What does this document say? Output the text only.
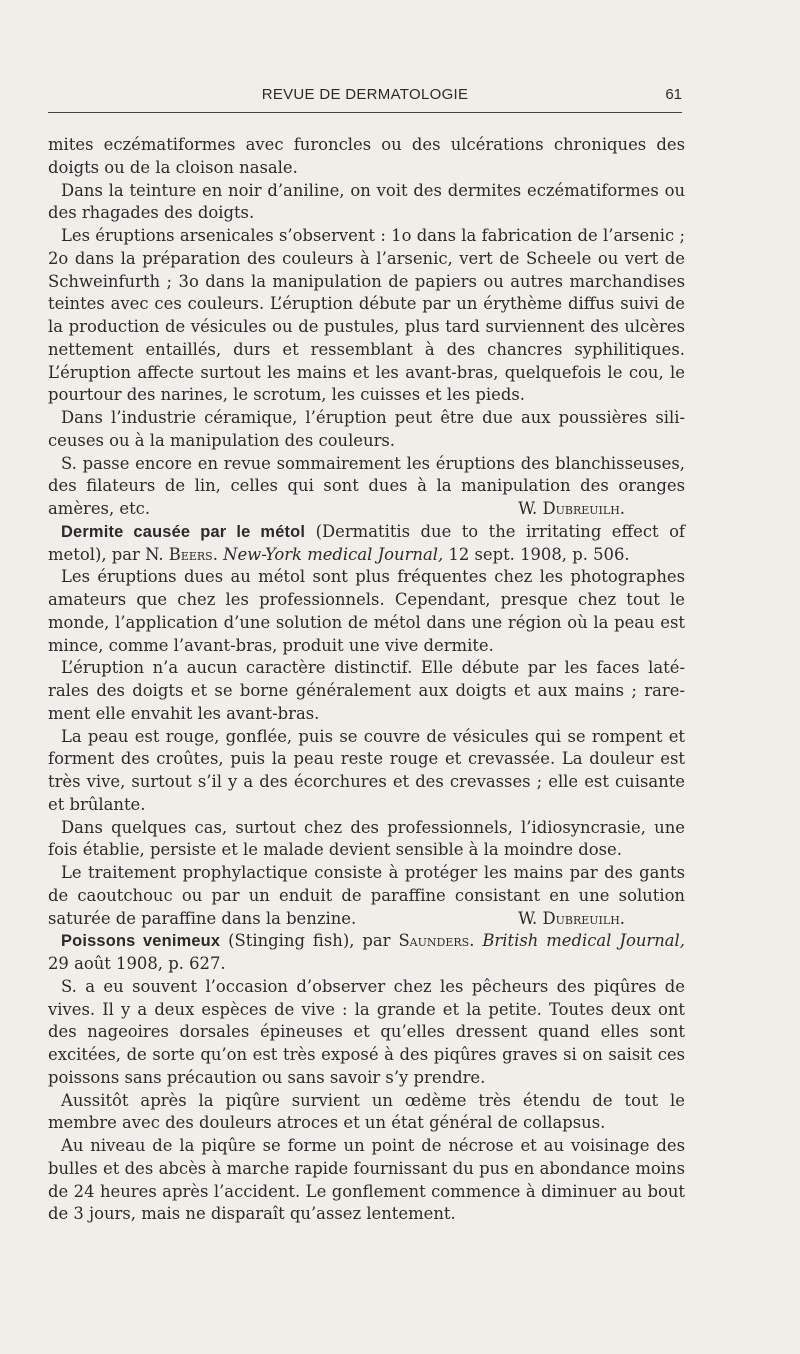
REVUE DE DERMATOLOGIE	61

mites eczématiformes avec furoncles ou des ulcérations chroniques des doigts ou de la cloison nasale.

Dans la teinture en noir d’aniline, on voit des dermites eczématiformes ou des rhagades des doigts.

Les éruptions arsenicales s’observent : 1o dans la fabrication de l’arsenic ; 2o dans la préparation des couleurs à l’arsenic, vert de Scheele ou vert de Schweinfurth ; 3o dans la manipulation de papiers ou autres marchandises teintes avec ces couleurs. L’éruption débute par un érythème diffus suivi de la production de vésicules ou de pustules, plus tard surviennent des ulcères nettement entaillés, durs et ressemblant à des chancres syphilitiques. L’éruption affecte surtout les mains et les avant-bras, quelquefois le cou, le pourtour des narines, le scrotum, les cuisses et les pieds.

Dans l’industrie céramique, l’éruption peut être due aux poussières siliceuses ou à la manipulation des couleurs.

S. passe encore en revue sommairement les éruptions des blanchisseuses, des filateurs de lin, celles qui sont dues à la manipulation des oranges amères, etc.	W. Dubreuilh.

Dermite causée par le métol (Dermatitis due to the irritating effect of metol), par N. Beers. New-York medical Journal, 12 sept. 1908, p. 506.

Les éruptions dues au métol sont plus fréquentes chez les photographes amateurs que chez les professionnels. Cependant, presque chez tout le monde, l’application d’une solution de métol dans une région où la peau est mince, comme l’avant-bras, produit une vive dermite.

L’éruption n’a aucun caractère distinctif. Elle débute par les faces latérales des doigts et se borne généralement aux doigts et aux mains ; rarement elle envahit les avant-bras.

La peau est rouge, gonflée, puis se couvre de vésicules qui se rompent et forment des croûtes, puis la peau reste rouge et crevassée. La douleur est très vive, surtout s’il y a des écorchures et des crevasses ; elle est cuisante et brûlante.

Dans quelques cas, surtout chez des professionnels, l’idiosyncrasie, une fois établie, persiste et le malade devient sensible à la moindre dose.

Le traitement prophylactique consiste à protéger les mains par des gants de caoutchouc ou par un enduit de paraffine consistant en une solution saturée de paraffine dans la benzine.	W. Dubreuilh.

Poissons venimeux (Stinging fish), par Saunders. British medical Journal, 29 août 1908, p. 627.

S. a eu souvent l’occasion d’observer chez les pêcheurs des piqûres de vives. Il y a deux espèces de vive : la grande et la petite. Toutes deux ont des nageoires dorsales épineuses et qu’elles dressent quand elles sont excitées, de sorte qu’on est très exposé à des piqûres graves si on saisit ces poissons sans précaution ou sans savoir s’y prendre.

Aussitôt après la piqûre survient un œdème très étendu de tout le membre avec des douleurs atroces et un état général de collapsus.

Au niveau de la piqûre se forme un point de nécrose et au voisinage des bulles et des abcès à marche rapide fournissant du pus en abondance moins de 24 heures après l’accident. Le gonflement commence à diminuer au bout de 3 jours, mais ne disparaît qu’assez lentement.
